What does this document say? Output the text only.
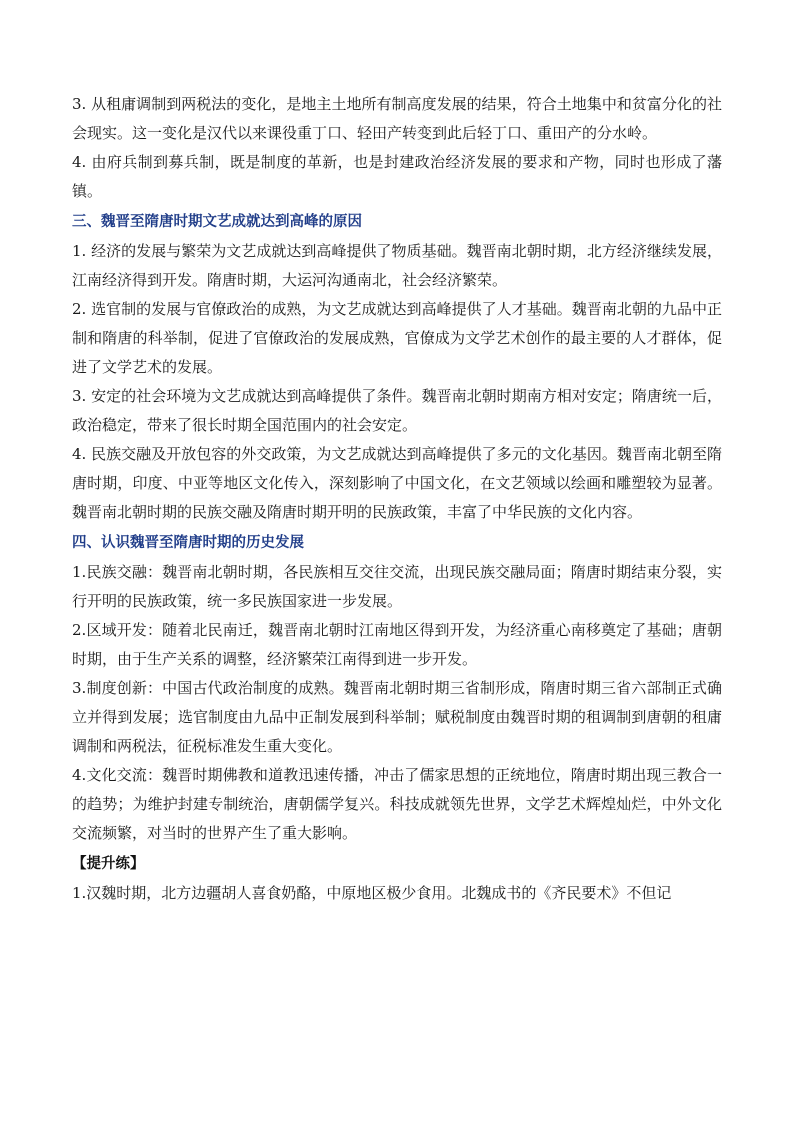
3. 从租庸调制到两税法的变化，是地主土地所有制高度发展的结果，符合土地集中和贫富分化的社会现实。这一变化是汉代以来课役重丁口、轻田产转变到此后轻丁口、重田产的分水岭。

4. 由府兵制到募兵制，既是制度的革新，也是封建政治经济发展的要求和产物，同时也形成了藩镇。

三、魏晋至隋唐时期文艺成就达到高峰的原因

1. 经济的发展与繁荣为文艺成就达到高峰提供了物质基础。魏晋南北朝时期，北方经济继续发展，江南经济得到开发。隋唐时期，大运河沟通南北，社会经济繁荣。

2. 选官制的发展与官僚政治的成熟，为文艺成就达到高峰提供了人才基础。魏晋南北朝的九品中正制和隋唐的科举制，促进了官僚政治的发展成熟，官僚成为文学艺术创作的最主要的人才群体，促进了文学艺术的发展。

3. 安定的社会环境为文艺成就达到高峰提供了条件。魏晋南北朝时期南方相对安定；隋唐统一后，政治稳定，带来了很长时期全国范围内的社会安定。

4. 民族交融及开放包容的外交政策，为文艺成就达到高峰提供了多元的文化基因。魏晋南北朝至隋唐时期，印度、中亚等地区文化传入，深刻影响了中国文化，在文艺领域以绘画和雕塑较为显著。魏晋南北朝时期的民族交融及隋唐时期开明的民族政策，丰富了中华民族的文化内容。

四、认识魏晋至隋唐时期的历史发展

1.民族交融：魏晋南北朝时期，各民族相互交往交流，出现民族交融局面；隋唐时期结束分裂，实行开明的民族政策，统一多民族国家进一步发展。

2.区域开发：随着北民南迁，魏晋南北朝时江南地区得到开发，为经济重心南移奠定了基础；唐朝时期，由于生产关系的调整，经济繁荣江南得到进一步开发。

3.制度创新：中国古代政治制度的成熟。魏晋南北朝时期三省制形成，隋唐时期三省六部制正式确立并得到发展；选官制度由九品中正制发展到科举制；赋税制度由魏晋时期的租调制到唐朝的租庸调制和两税法，征税标准发生重大变化。

4.文化交流：魏晋时期佛教和道教迅速传播，冲击了儒家思想的正统地位，隋唐时期出现三教合一的趋势；为维护封建专制统治，唐朝儒学复兴。科技成就领先世界，文学艺术辉煌灿烂，中外文化交流频繁，对当时的世界产生了重大影响。

【提升练】

1.汉魏时期，北方边疆胡人喜食奶酪，中原地区极少食用。北魏成书的《齐民要术》不但记
